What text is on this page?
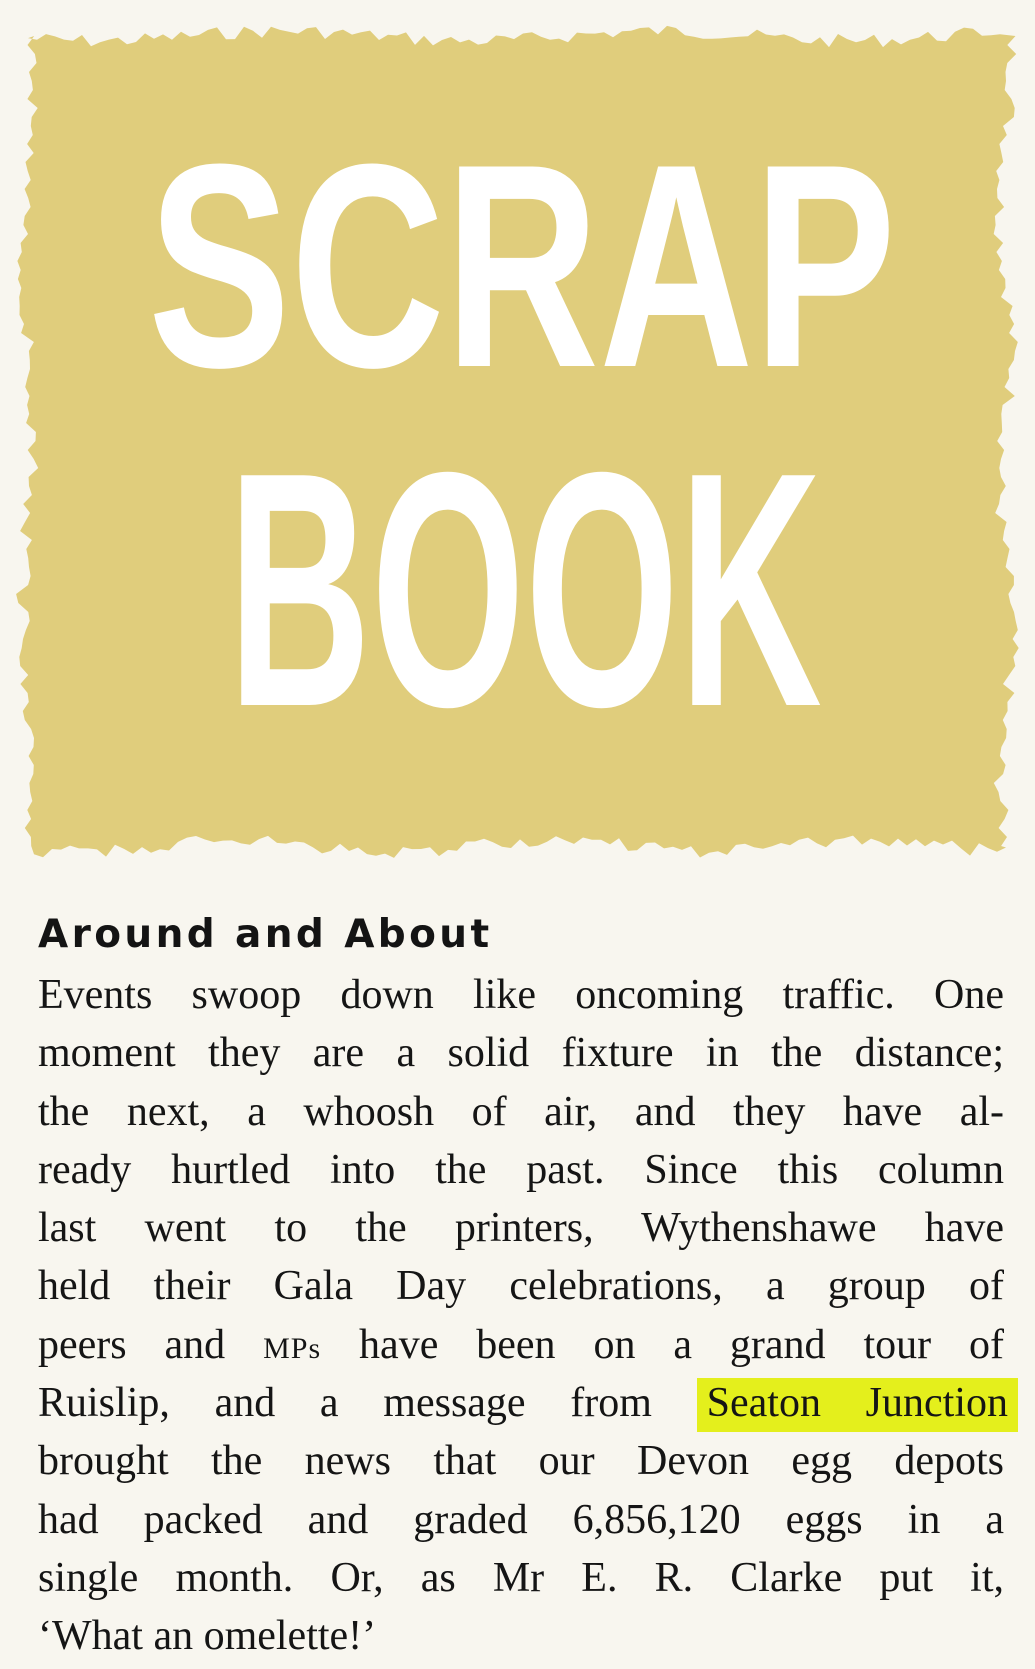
SCRAP
BOOK
Around and About
Events swoop down like oncoming traffic. One
moment they are a solid fixture in the distance;
the next, a whoosh of air, and they have al-
ready hurtled into the past. Since this column
last went to the printers, Wythenshawe have
held their Gala Day celebrations, a group of
peers and MPs have been on a grand tour of
Ruislip, and a message from Seaton Junction
brought the news that our Devon egg depots
had packed and graded 6,856,120 eggs in a
single month. Or, as Mr E. R. Clarke put it,
‘What an omelette!’
